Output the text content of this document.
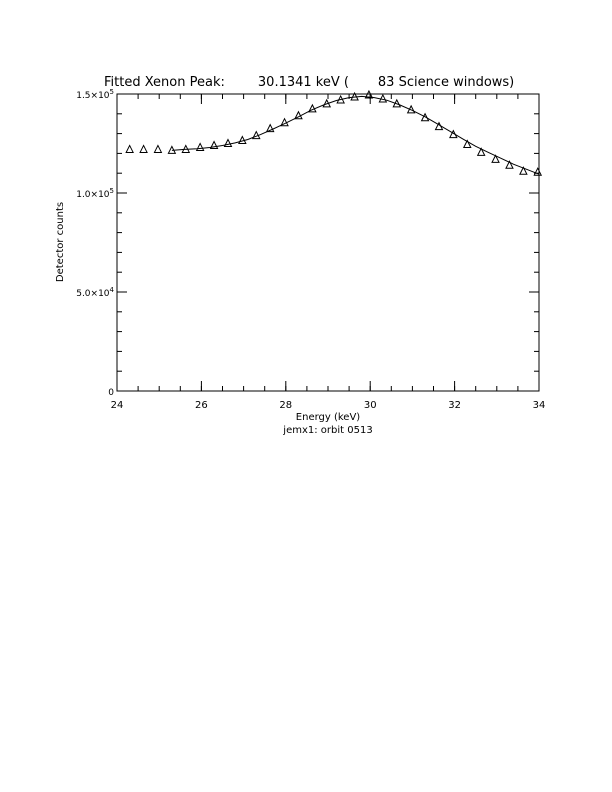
Fitted Xenon Peak:        30.1341 keV (       83 Science windows)
24	26	28	30	32	34
0
$5.0\times 10^4$
$1.0\times 10^5$
$1.5\times 10^5$
Energy (keV)
jemx1: orbit 0513
Detector counts
